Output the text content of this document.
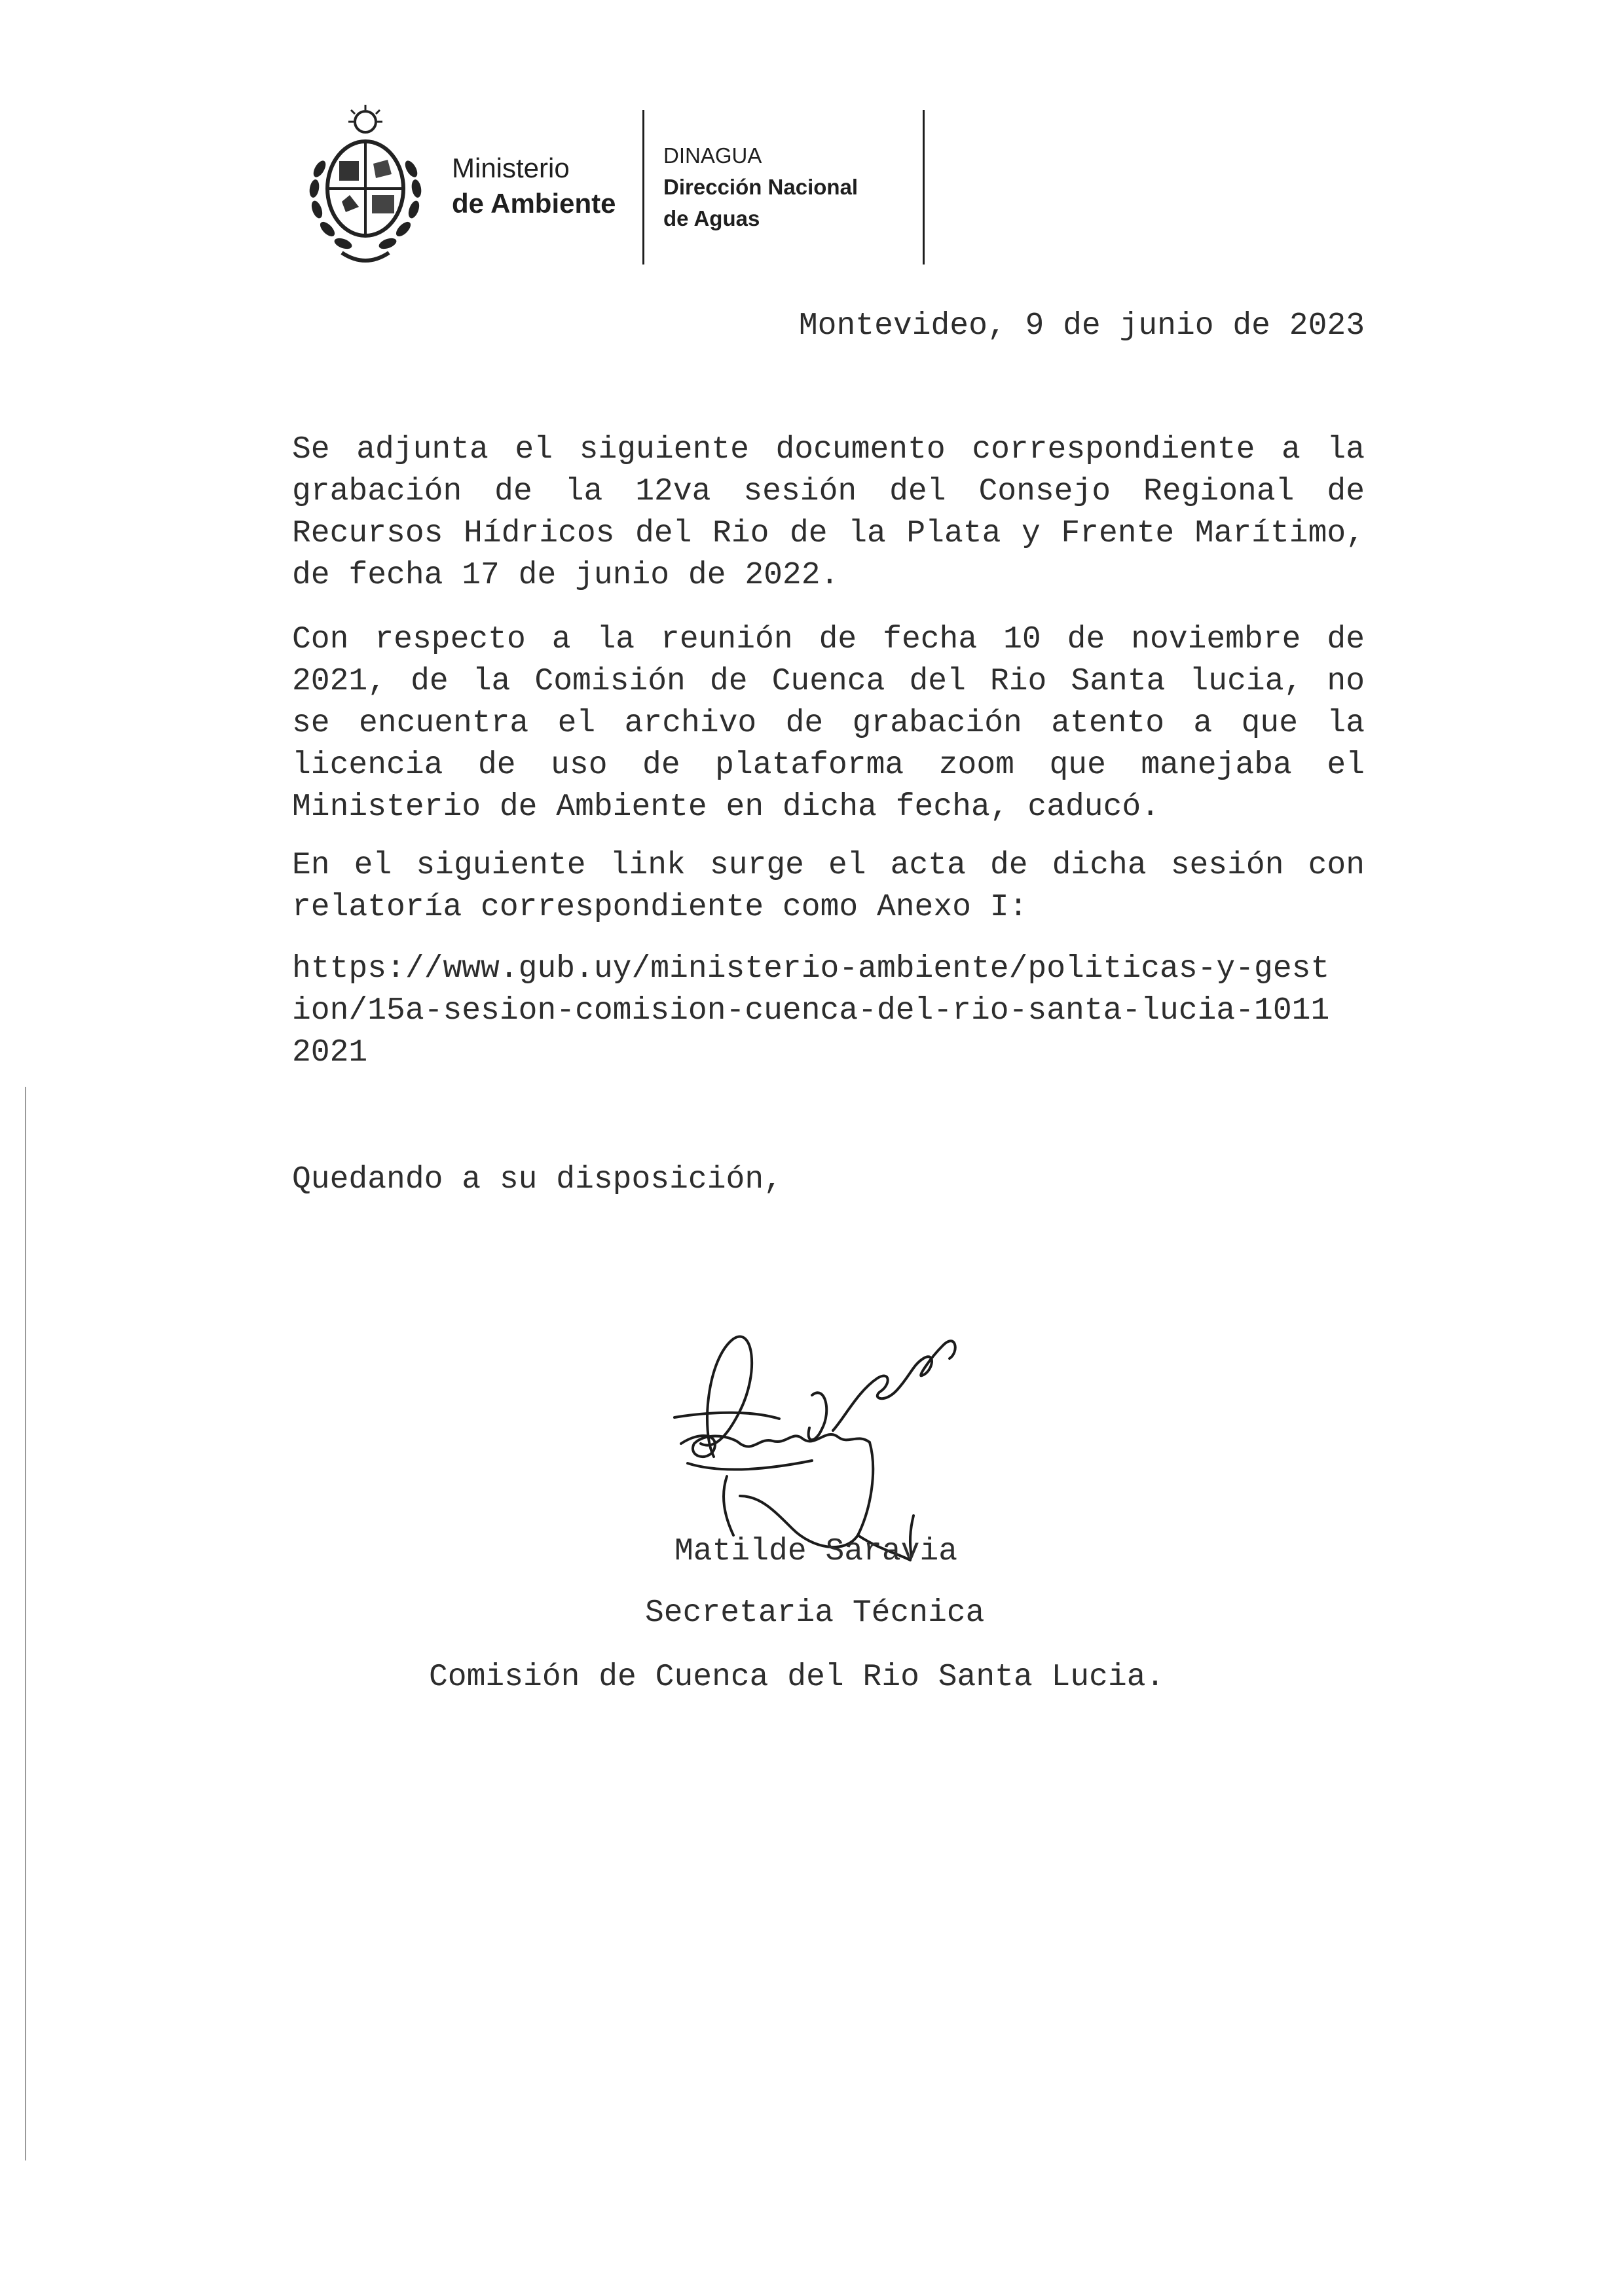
Ministerio
de Ambiente
DINAGUA
Dirección Nacional
de Aguas
Montevideo, 9 de junio de 2023

Se adjunta el siguiente documento correspondiente a la grabación de la 12va sesión del Consejo Regional de Recursos Hídricos del Rio de la Plata y Frente Marítimo, de fecha 17 de junio de 2022.

Con respecto a la reunión de fecha 10 de noviembre de 2021, de la Comisión de Cuenca del Rio Santa lucia, no se encuentra el archivo de grabación atento a que la licencia de uso de plataforma zoom que manejaba el Ministerio de Ambiente en dicha fecha, caducó.

En el siguiente link surge el acta de dicha sesión con relatoría correspondiente como Anexo I:

https://www.gub.uy/ministerio-ambiente/politicas-y-gestion/15a-sesion-comision-cuenca-del-rio-santa-lucia-10112021
Quedando a su disposición,
Matilde Saravia
Secretaria Técnica
Comisión de Cuenca del Rio Santa Lucia.
